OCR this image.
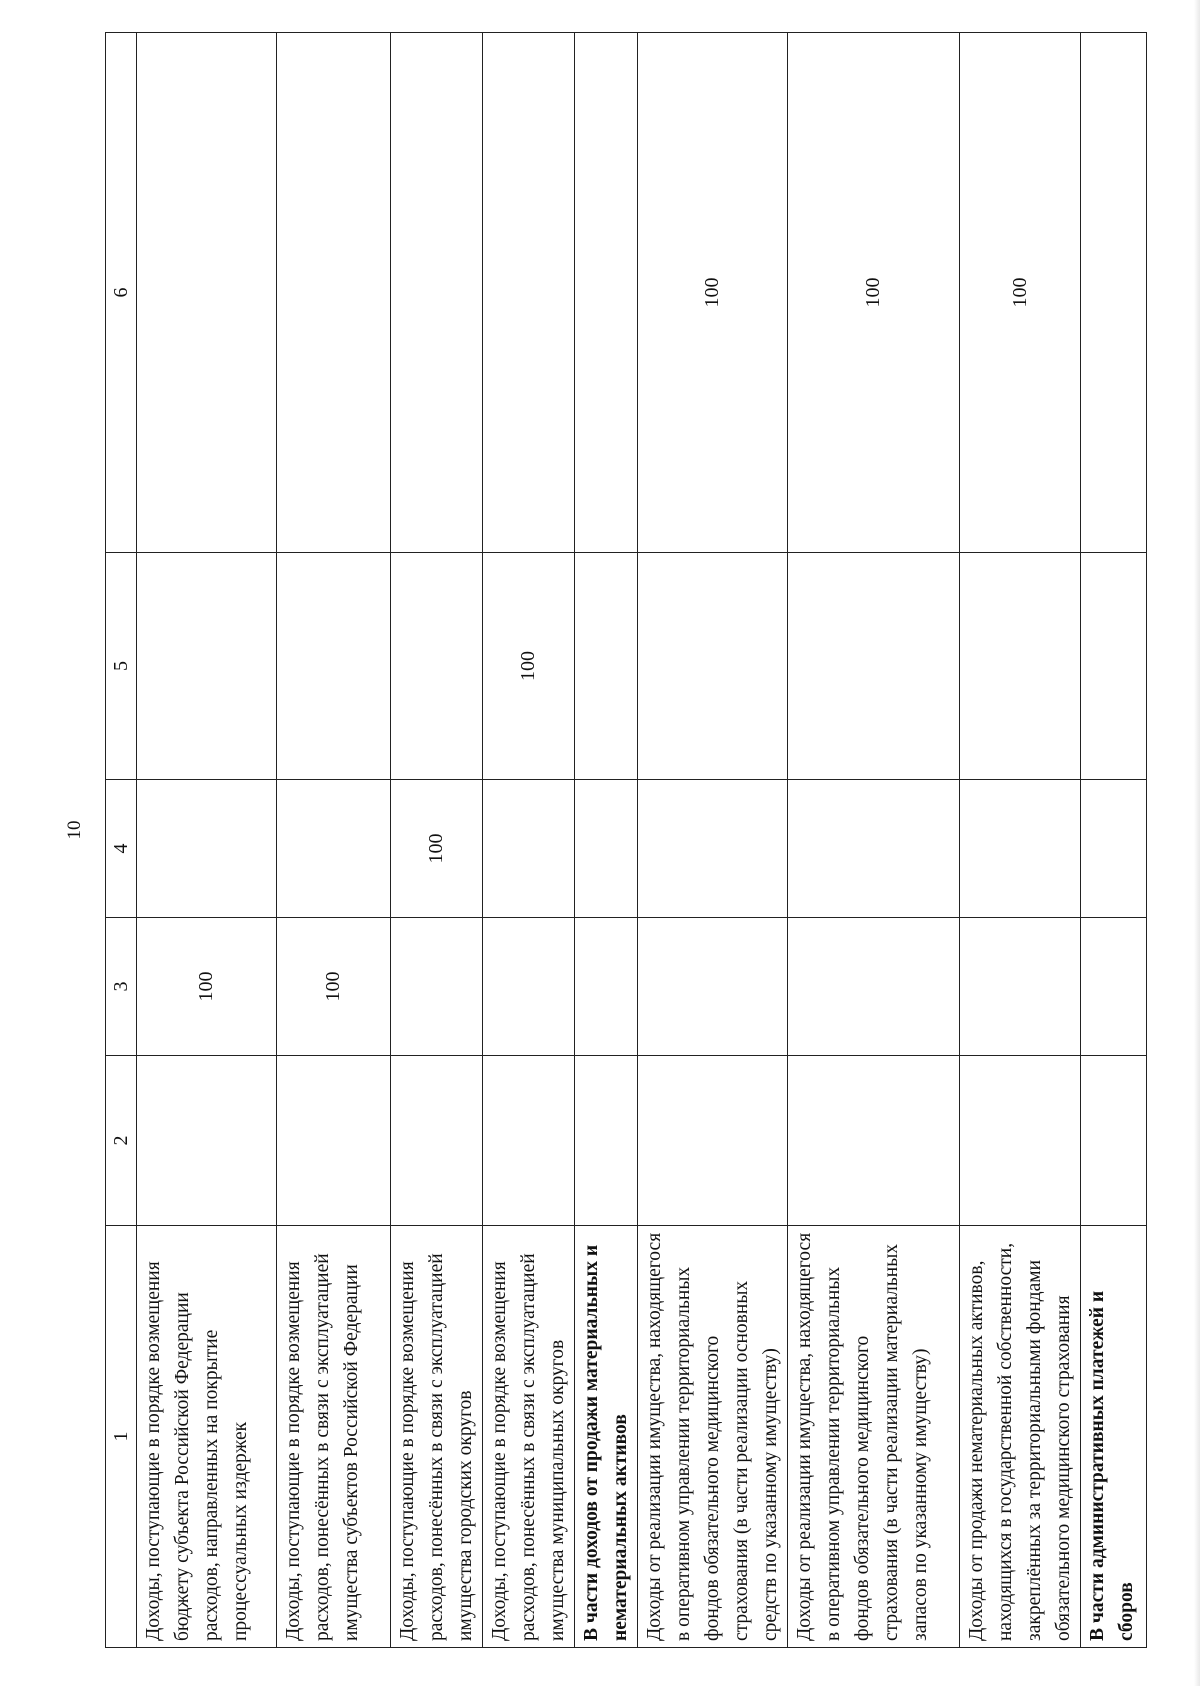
10
1	2	3	4	5	6
Доходы, поступающие в порядке возмещения бюджету субъекта Российской Федерации расходов, направленных на покрытие процессуальных издержек		100			
Доходы, поступающие в порядке возмещения расходов, понесённых в связи с эксплуатацией имущества субъектов Российской Федерации		100			
Доходы, поступающие в порядке возмещения расходов, понесённых в связи с эксплуатацией имущества городских округов			100		
Доходы, поступающие в порядке возмещения расходов, понесённых в связи с эксплуатацией имущества муниципальных округов				100	
В части доходов от продажи материальных и нематериальных активов					
Доходы от реализации имущества, находящегося в оперативном управлении территориальных фондов обязательного медицинского страхования (в части реализации основных средств по указанному имуществу)					100
Доходы от реализации имущества, находящегося в оперативном управлении территориальных фондов обязательного медицинского страхования (в части реализации материальных запасов по указанному имуществу)					100
Доходы от продажи нематериальных активов, находящихся в государственной собственности, закреплённых за территориальными фондами обязательного медицинского страхования					100
В части административных платежей и сборов					
